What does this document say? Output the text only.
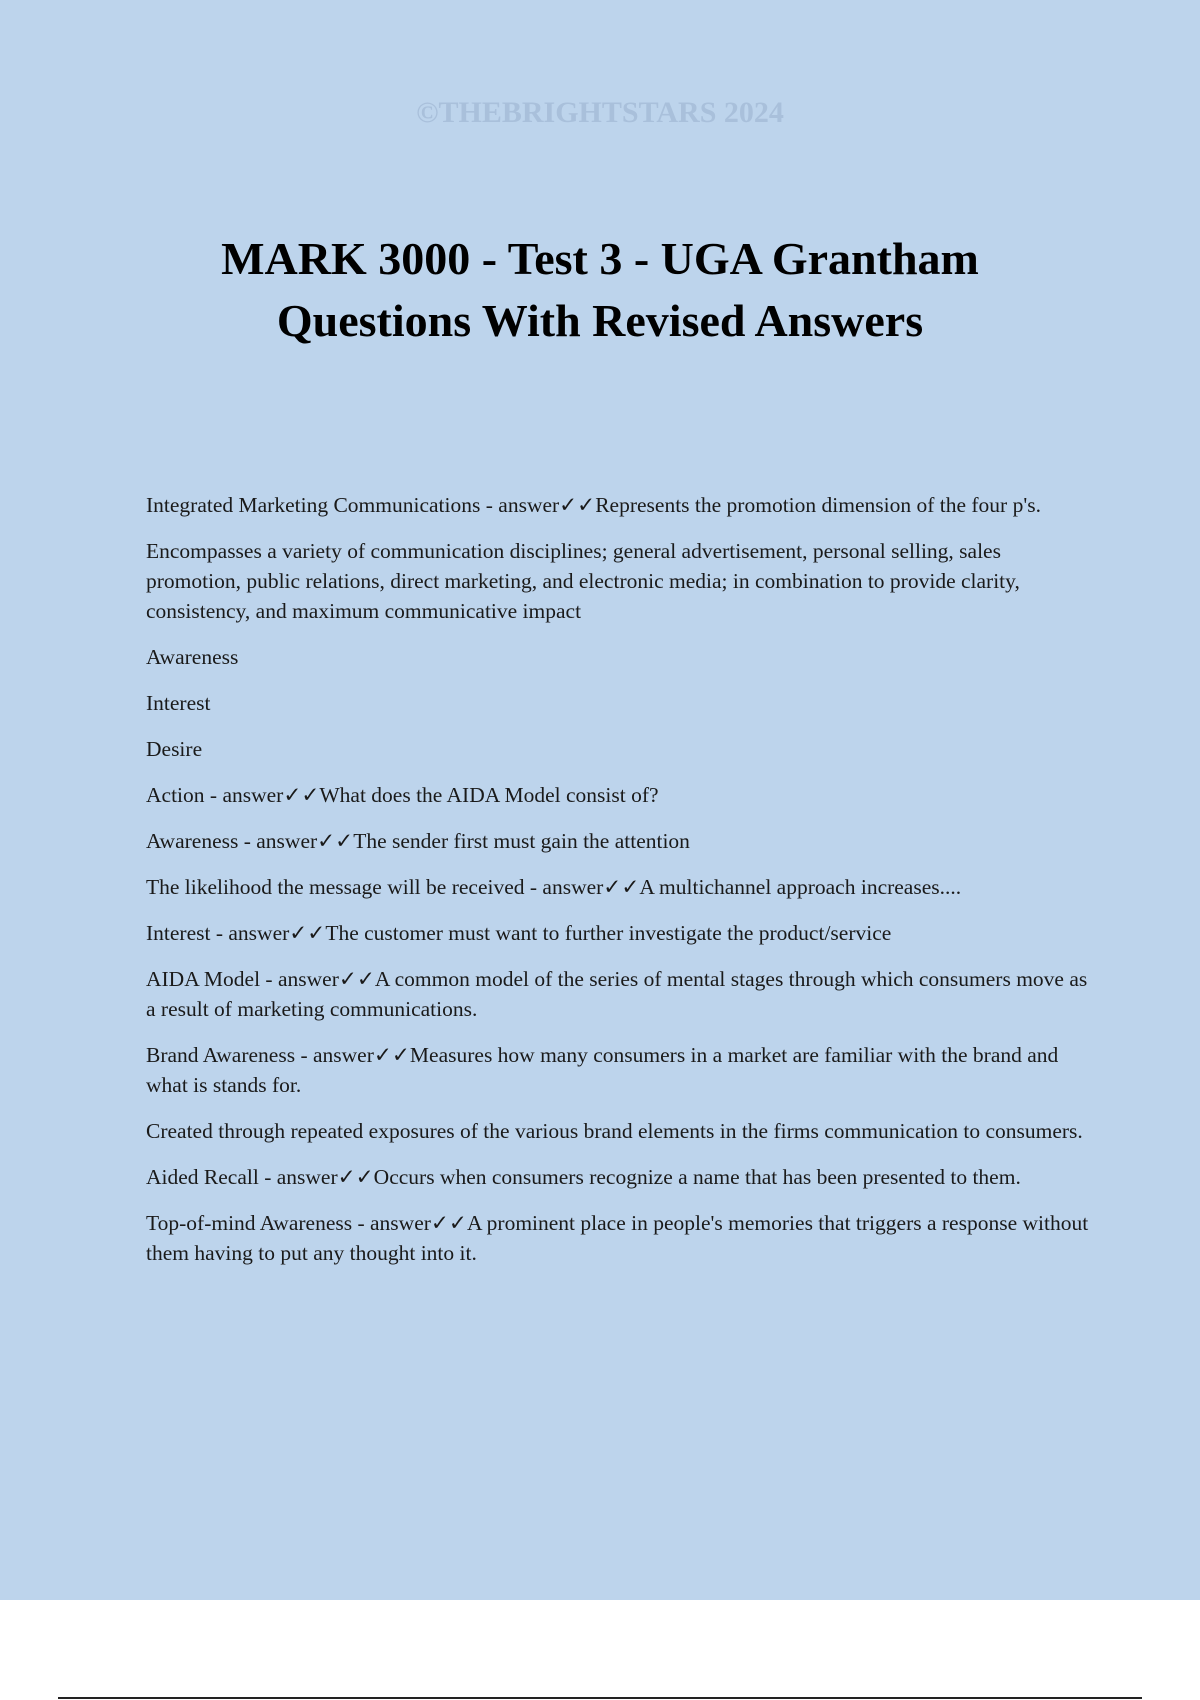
©THEBRIGHTSTARS 2024
MARK 3000 - Test 3 - UGA Grantham
Questions With Revised Answers

Integrated Marketing Communications - answer✓✓Represents the promotion dimension of the four p's.

Encompasses a variety of communication disciplines; general advertisement, personal selling, sales promotion, public relations, direct marketing, and electronic media; in combination to provide clarity, consistency, and maximum communicative impact

Awareness

Interest

Desire

Action - answer✓✓What does the AIDA Model consist of?

Awareness - answer✓✓The sender first must gain the attention

The likelihood the message will be received - answer✓✓A multichannel approach increases....

Interest - answer✓✓The customer must want to further investigate the product/service

AIDA Model - answer✓✓A common model of the series of mental stages through which consumers move as a result of marketing communications.

Brand Awareness - answer✓✓Measures how many consumers in a market are familiar with the brand and what is stands for.

Created through repeated exposures of the various brand elements in the firms communication to consumers.

Aided Recall - answer✓✓Occurs when consumers recognize a name that has been presented to them.

Top-of-mind Awareness - answer✓✓A prominent place in people's memories that triggers a response without them having to put any thought into it.
